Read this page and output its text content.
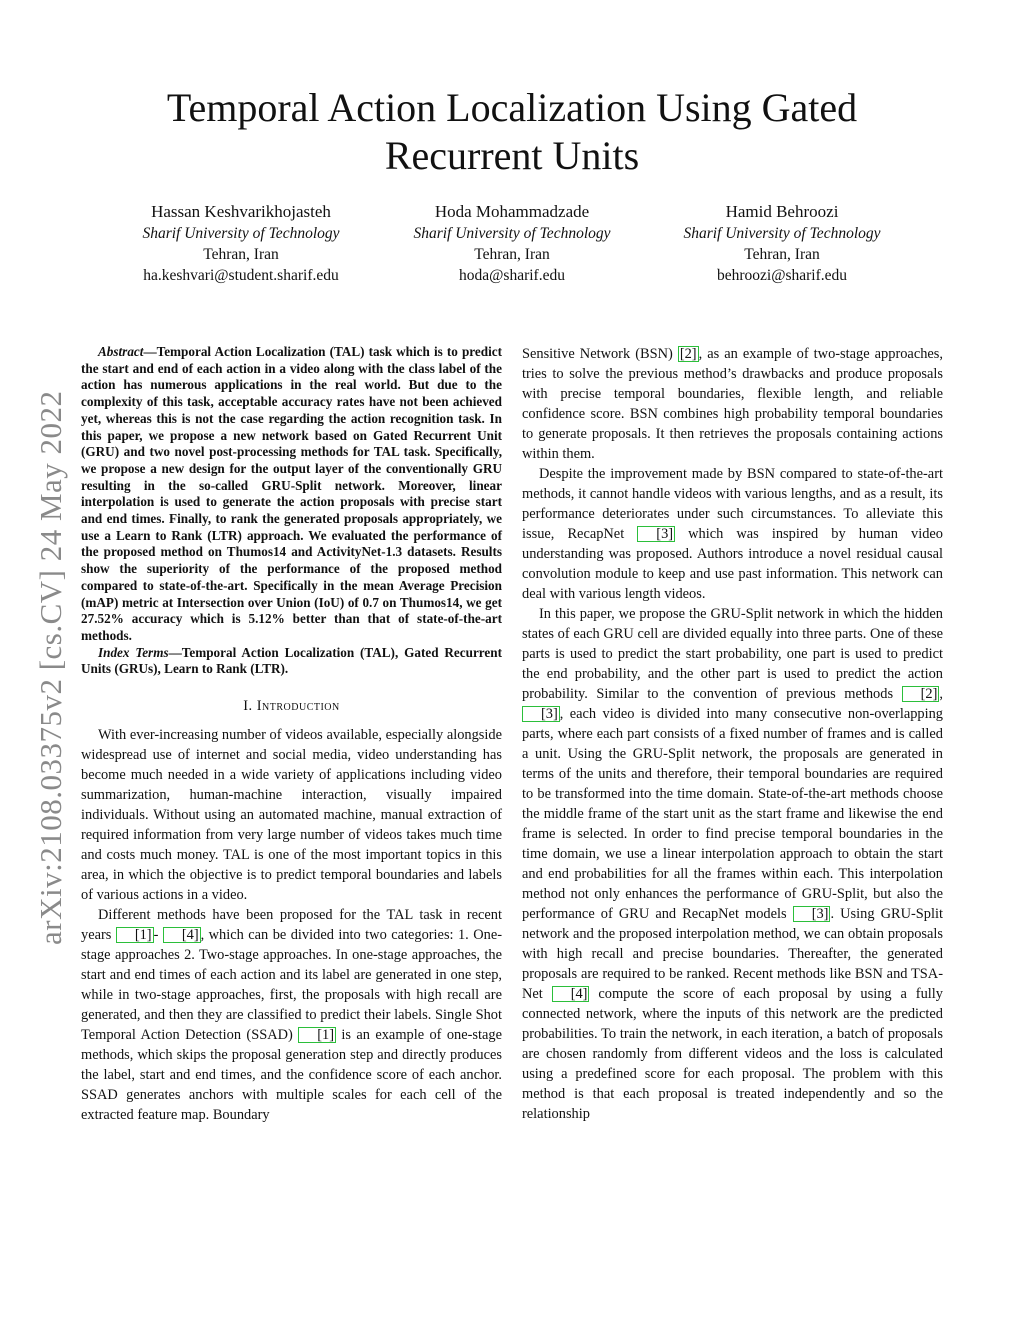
Temporal Action Localization Using Gated Recurrent Units
Hassan Keshvarikhojasteh
Sharif University of Technology
Tehran, Iran
ha.keshvari@student.sharif.edu
Hoda Mohammadzade
Sharif University of Technology
Tehran, Iran
hoda@sharif.edu
Hamid Behroozi
Sharif University of Technology
Tehran, Iran
behroozi@sharif.edu
arXiv:2108.03375v2 [cs.CV] 24 May 2022

Abstract—Temporal Action Localization (TAL) task which is to predict the start and end of each action in a video along with the class label of the action has numerous applications in the real world. But due to the complexity of this task, acceptable accuracy rates have not been achieved yet, whereas this is not the case regarding the action recognition task. In this paper, we propose a new network based on Gated Recurrent Unit (GRU) and two novel post-processing methods for TAL task. Specifically, we propose a new design for the output layer of the conventionally GRU resulting in the so-called GRU-Split network. Moreover, linear interpolation is used to generate the action proposals with precise start and end times. Finally, to rank the generated proposals appropriately, we use a Learn to Rank (LTR) approach. We evaluated the performance of the proposed method on Thumos14 and ActivityNet-1.3 datasets. Results show the superiority of the performance of the proposed method compared to state-of-the-art. Specifically in the mean Average Precision (mAP) metric at Intersection over Union (IoU) of 0.7 on Thumos14, we get 27.52% accuracy which is 5.12% better than that of state-of-the-art methods.

Index Terms—Temporal Action Localization (TAL), Gated Recurrent Units (GRUs), Learn to Rank (LTR).

I. Introduction

With ever-increasing number of videos available, especially alongside widespread use of internet and social media, video understanding has become much needed in a wide variety of applications including video summarization, human-machine interaction, visually impaired individuals. Without using an automated machine, manual extraction of required information from very large number of videos takes much time and costs much money. TAL is one of the most important topics in this area, in which the objective is to predict temporal boundaries and labels of various actions in a video.

Different methods have been proposed for the TAL task in recent years [1] - [4] , which can be divided into two categories: 1. One-stage approaches 2. Two-stage approaches. In one-stage approaches, the start and end times of each action and its label are generated in one step, while in two-stage approaches, first, the proposals with high recall are generated, and then they are classified to predict their labels. Single Shot Temporal Action Detection (SSAD) [1] is an example of one-stage methods, which skips the proposal generation step and directly produces the label, start and end times, and the confidence score of each anchor. SSAD generates anchors with multiple scales for each cell of the extracted feature map. Boundary

Sensitive Network (BSN) [2] , as an example of two-stage approaches, tries to solve the previous method’s drawbacks and produce proposals with precise temporal boundaries, flexible length, and reliable confidence score. BSN combines high probability temporal boundaries to generate proposals. It then retrieves the proposals containing actions within them.

Despite the improvement made by BSN compared to state-of-the-art methods, it cannot handle videos with various lengths, and as a result, its performance deteriorates under such circumstances. To alleviate this issue, RecapNet [3] which was inspired by human video understanding was proposed. Authors introduce a novel residual causal convolution module to keep and use past information. This network can deal with various length videos.

In this paper, we propose the GRU-Split network in which the hidden states of each GRU cell are divided equally into three parts. One of these parts is used to predict the start probability, one part is used to predict the end probability, and the other part is used to predict the action probability. Similar to the convention of previous methods [2] , [3] , each video is divided into many consecutive non-overlapping parts, where each part consists of a fixed number of frames and is called a unit. Using the GRU-Split network, the proposals are generated in terms of the units and therefore, their temporal boundaries are required to be transformed into the time domain. State-of-the-art methods choose the middle frame of the start unit as the start frame and likewise the end frame is selected. In order to find precise temporal boundaries in the time domain, we use a linear interpolation approach to obtain the start and end probabilities for all the frames within each. This interpolation method not only enhances the performance of GRU-Split, but also the performance of GRU and RecapNet models [3] . Using GRU-Split network and the proposed interpolation method, we can obtain proposals with high recall and precise boundaries. Thereafter, the generated proposals are required to be ranked. Recent methods like BSN and TSA-Net [4] compute the score of each proposal by using a fully connected network, where the inputs of this network are the predicted probabilities. To train the network, in each iteration, a batch of proposals are chosen randomly from different videos and the loss is calculated using a predefined score for each proposal. The problem with this method is that each proposal is treated independently and so the relationship
